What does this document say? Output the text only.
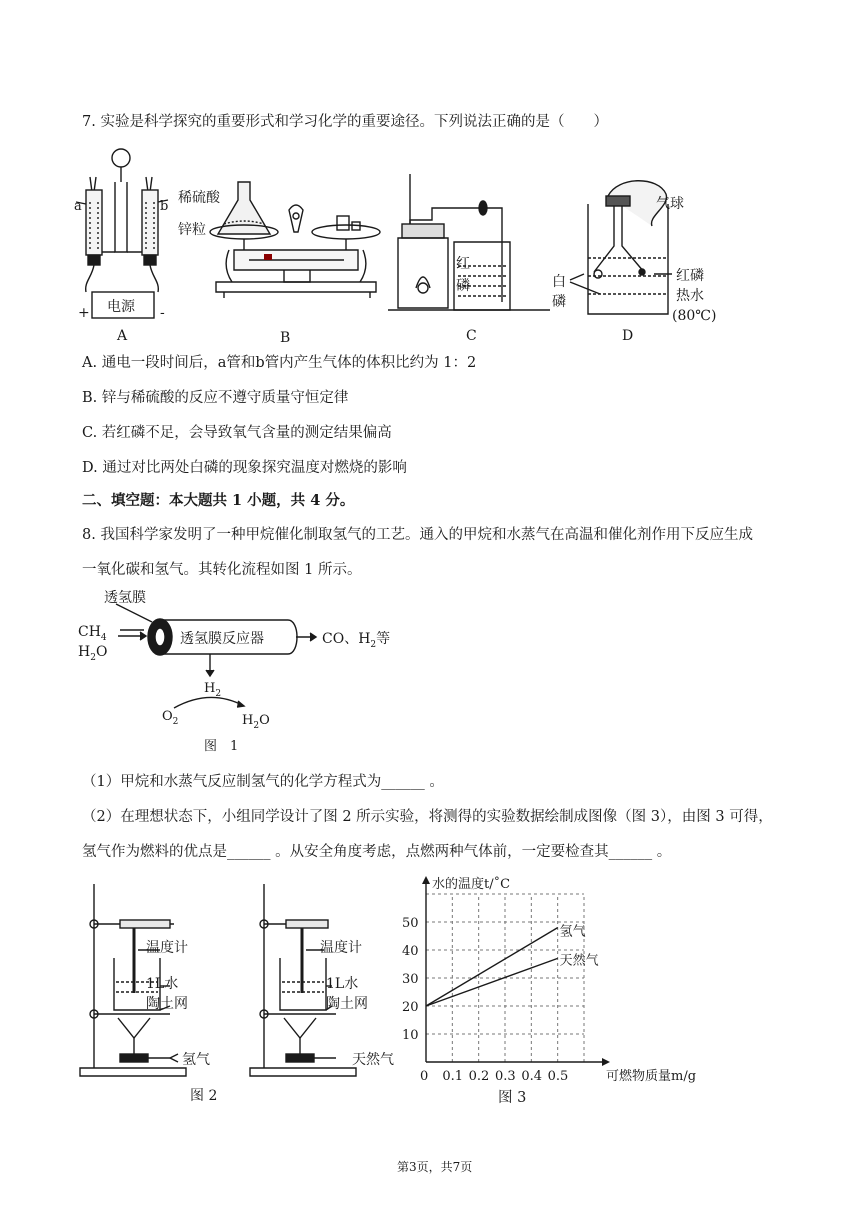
7. 实验是科学探究的重要形式和学习化学的重要途径。下列说法正确的是（　　）
a	b
电源
+	-
A
稀硫酸
锌粒
B
红
磷
C
气球
白
磷
红磷
热水
(80℃)
D
A. 通电一段时间后，a管和b管内产生气体的体积比约为 1：2
B. 锌与稀硫酸的反应不遵守质量守恒定律
C. 若红磷不足，会导致氧气含量的测定结果偏高
D. 通过对比两处白磷的现象探究温度对燃烧的影响
二、填空题：本大题共 1 小题，共 4 分。
8. 我国科学家发明了一种甲烷催化制取氢气的工艺。通入的甲烷和水蒸气在高温和催化剂作用下反应生成
一氧化碳和氢气。其转化流程如图 1 所示。
透氢膜
透氢膜反应器
$CH_4$
$H_2O$
CO、$H_2$等
$H_2$
$O_2$	$H_2O$
图　1
（1）甲烷和水蒸气反应制氢气的化学方程式为______ 。
（2）在理想状态下，小组同学设计了图 2 所示实验，将测得的实验数据绘制成图像（图 3），由图 3 可得，
氢气作为燃料的优点是______ 。从安全角度考虑，点燃两种气体前，一定要检查其______ 。
温度计
1L水
陶土网
氢气
温度计
1L水
陶土网
天然气
图 2
0 0.1 0.2 0.3 0.4 0.5
10
20
30
40
50
水的温度t/˚C
可燃物质量m/g
氢气
天然气
图 3
第3页，共7页
